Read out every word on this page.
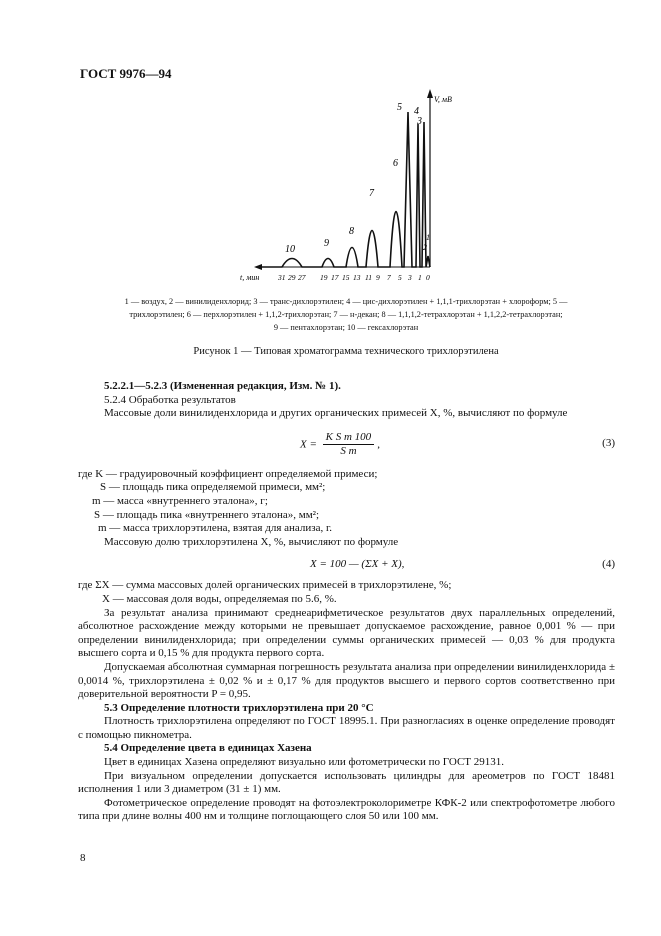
ГОСТ 9976—94
V, мВ
t, мин 31 29 27 19 17 15 13 11 9 7 5 3 1 0
10
9
8
7
6
5 4
3
2
1
1 — воздух, 2 — винилиденхлорид; 3 — транс-дихлорэтилен; 4 — цис-дихлорэтилен + 1,1,1-трихлорэтан + хлороформ; 5 —
трихлорэтилен; 6 — перхлорэтилен + 1,1,2-трихлорэтан; 7 — н-декан; 8 — 1,1,1,2-тетрахлорэтан + 1,1,2,2-тетрахлорэтан;
9 — пентахлорэтан; 10 — гексахлорэтан
Рисунок 1 — Типовая хроматограмма технического трихлорэтилена

5.2.2.1—5.2.3 (Измененная редакция, Изм. № 1).

5.2.4 Обработка результатов

Массовые доли винилиденхлорида и других органических примесей X, %, вычисляют по формуле

$X = \frac{\text{K S m 100}}{\text{S m}}$ ,	(3)

где K — градуировочный коэффициент определяемой примеси;

S — площадь пика определяемой примеси, мм²;

m — масса «внутреннего эталона», г;

S — площадь пика «внутреннего эталона», мм²;

m — масса трихлорэтилена, взятая для анализа, г.

Массовую долю трихлорэтилена X, %, вычисляют по формуле

X = 100 — (ΣX + X),	(4)

где ΣX — сумма массовых долей органических примесей в трихлорэтилене, %;

X — массовая доля воды, определяемая по 5.6, %.

За результат анализа принимают среднеарифметическое результатов двух параллельных определений, абсолютное расхождение между которыми не превышает допускаемое расхождение, равное 0,001 % — при определении винилиденхлорида; при определении суммы органических примесей — 0,03 % для продукта высшего сорта и 0,15 % для продукта первого сорта.

Допускаемая абсолютная суммарная погрешность результата анализа при определении винилиденхлорида ± 0,0014 %, трихлорэтилена ± 0,02 % и ± 0,17 % для продуктов высшего и первого сортов соответственно при доверительной вероятности P = 0,95.

5.3 Определение плотности трихлорэтилена при 20 °С

Плотность трихлорэтилена определяют по ГОСТ 18995.1. При разногласиях в оценке определение проводят с помощью пикнометра.

5.4 Определение цвета в единицах Хазена

Цвет в единицах Хазена определяют визуально или фотометрически по ГОСТ 29131.

При визуальном определении допускается использовать цилиндры для ареометров по ГОСТ 18481 исполнения 1 или 3 диаметром (31 ± 1) мм.

Фотометрическое определение проводят на фотоэлектроколориметре КФК-2 или спектрофотометре любого типа при длине волны 400 нм и толщине поглощающего слоя 50 или 100 мм.

8
